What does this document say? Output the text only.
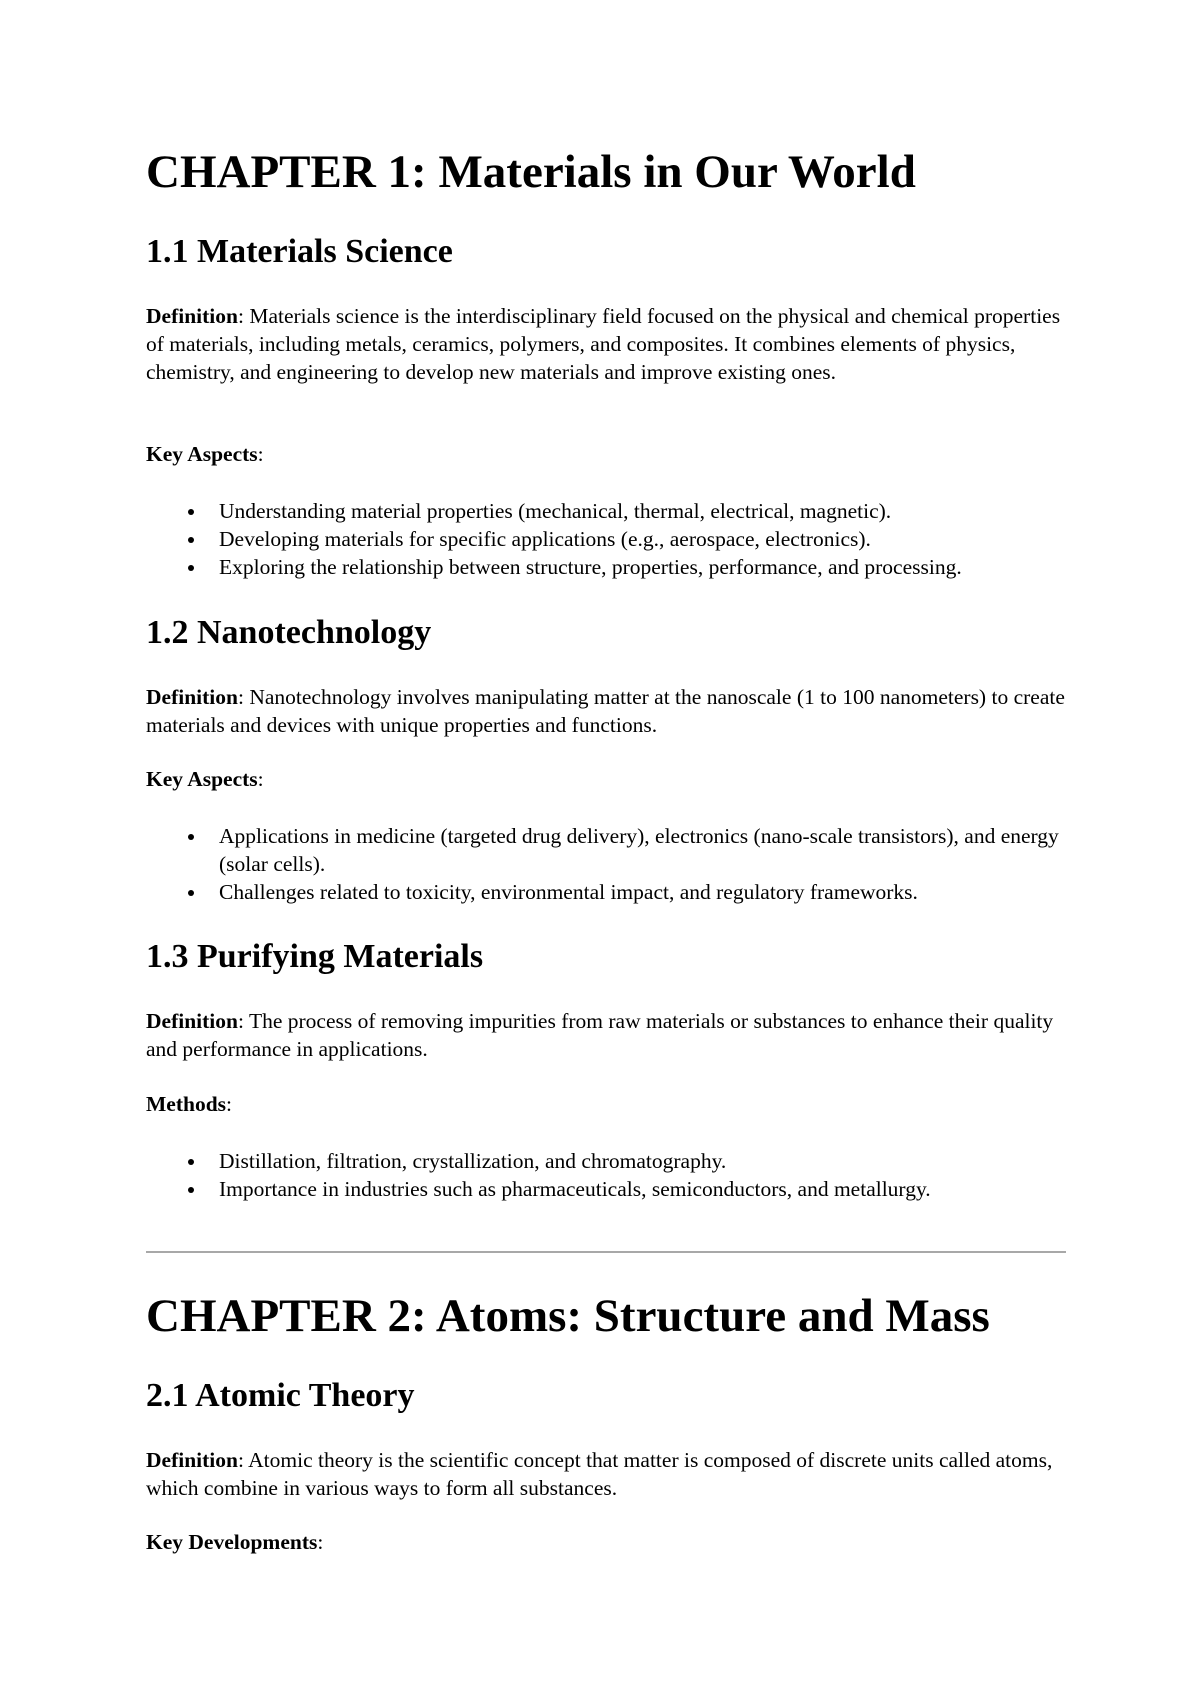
CHAPTER 1: Materials in Our World
1.1 Materials Science

Definition: Materials science is the interdisciplinary field focused on the physical and chemical properties of materials, including metals, ceramics, polymers, and composites. It combines elements of physics, chemistry, and engineering to develop new materials and improve existing ones.

Key Aspects:

Understanding material properties (mechanical, thermal, electrical, magnetic).
Developing materials for specific applications (e.g., aerospace, electronics).
Exploring the relationship between structure, properties, performance, and processing.
1.2 Nanotechnology

Definition: Nanotechnology involves manipulating matter at the nanoscale (1 to 100 nanometers) to create materials and devices with unique properties and functions.

Key Aspects:

Applications in medicine (targeted drug delivery), electronics (nano-scale transistors), and energy (solar cells).
Challenges related to toxicity, environmental impact, and regulatory frameworks.
1.3 Purifying Materials

Definition: The process of removing impurities from raw materials or substances to enhance their quality and performance in applications.

Methods:

Distillation, filtration, crystallization, and chromatography.
Importance in industries such as pharmaceuticals, semiconductors, and metallurgy.
CHAPTER 2: Atoms: Structure and Mass
2.1 Atomic Theory

Definition: Atomic theory is the scientific concept that matter is composed of discrete units called atoms, which combine in various ways to form all substances.

Key Developments:
